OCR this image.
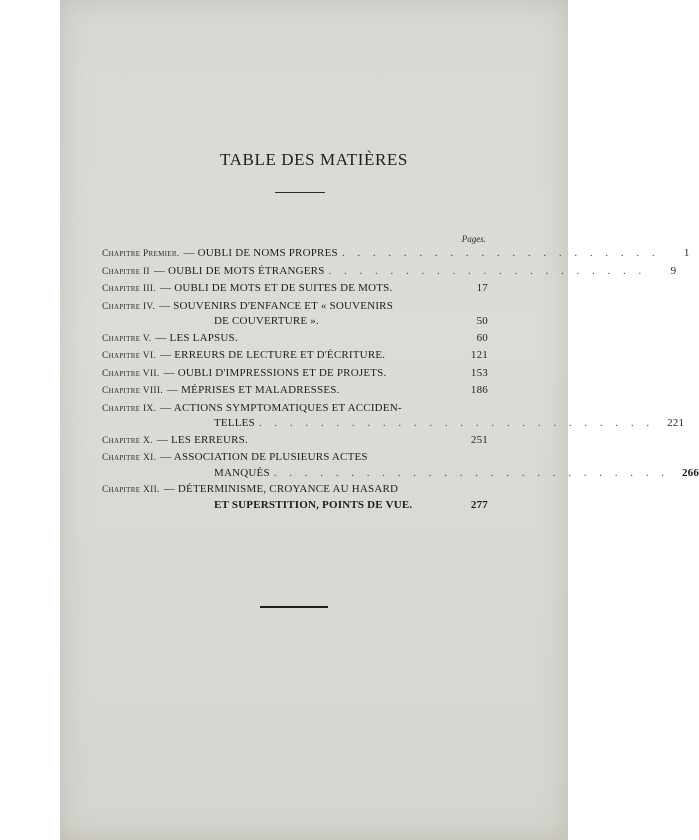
TABLE DES MATIÈRES
Pages.
Chapitre Premier. — OUBLI DE NOMS PROPRES . . . . . . . . . . . . . . . . . . . . .	1
Chapitre II — OUBLI DE MOTS ÉTRANGERS . . . . . . . . . . . . . . . . . . . . .	9
Chapitre III. — OUBLI DE MOTS ET DE SUITES DE MOTS.	17
Chapitre IV. — SOUVENIRS D'ENFANCE ET « SOUVENIRS
DE COUVERTURE ».	50
Chapitre V. — LES LAPSUS.	60
Chapitre VI. — ERREURS DE LECTURE ET D'ÉCRITURE.	121
Chapitre VII. — OUBLI D'IMPRESSIONS ET DE PROJETS.	153
Chapitre VIII. — MÉPRISES ET MALADRESSES.	186
Chapitre IX. — ACTIONS SYMPTOMATIQUES ET ACCIDEN-
TELLES . . . . . . . . . . . . . . . . . . . . . . . . . .	221
Chapitre X. — LES ERREURS.	251
Chapitre XI. — ASSOCIATION DE PLUSIEURS ACTES
MANQUÉS . . . . . . . . . . . . . . . . . . . . . . . . . .	266
Chapitre XII. — DÉTERMINISME, CROYANCE AU HASARD
ET SUPERSTITION, POINTS DE VUE.	277
